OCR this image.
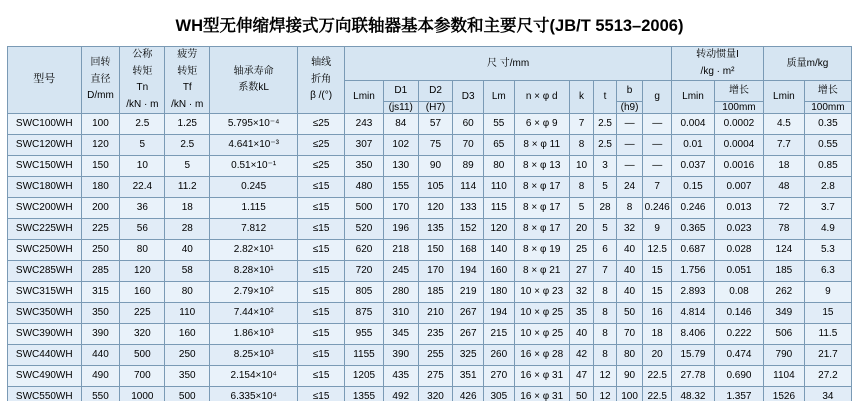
WH型无伸缩焊接式万向联轴器基本参数和主要尺寸(JB/T 5513–2006)
型号	回转
直径
D/mm	公称
转矩
Tn
/kN · m	疲劳
转矩
Tf
/kN · m	轴承寿命
系数kL	轴线
折角
β /(°)	尺 寸/mm										转动惯量I
/kg · m²		质量m/kg	
						Lmin	D1	D2	D3	Lm	n × φ d	k	t	b	g	Lmin	增长	Lmin	增长
							(js11)	(H7)						(h9)			100mm		100mm
SWC100WH	100	2.5	1.25	5.795×10⁻⁴	≤25	243	84	57	60	55	6 × φ 9	7	2.5	—	—	0.004	0.0002	4.5	0.35
SWC120WH	120	5	2.5	4.641×10⁻³	≤25	307	102	75	70	65	8 × φ 11	8	2.5	—	—	0.01	0.0004	7.7	0.55
SWC150WH	150	10	5	0.51×10⁻¹	≤25	350	130	90	89	80	8 × φ 13	10	3	—	—	0.037	0.0016	18	0.85
SWC180WH	180	22.4	11.2	0.245	≤15	480	155	105	114	110	8 × φ 17	8	5	24	7	0.15	0.007	48	2.8
SWC200WH	200	36	18	1.115	≤15	500	170	120	133	115	8 × φ 17	5	28	8	0.246	0.246	0.013	72	3.7
SWC225WH	225	56	28	7.812	≤15	520	196	135	152	120	8 × φ 17	20	5	32	9	0.365	0.023	78	4.9
SWC250WH	250	80	40	2.82×10¹	≤15	620	218	150	168	140	8 × φ 19	25	6	40	12.5	0.687	0.028	124	5.3
SWC285WH	285	120	58	8.28×10¹	≤15	720	245	170	194	160	8 × φ 21	27	7	40	15	1.756	0.051	185	6.3
SWC315WH	315	160	80	2.79×10²	≤15	805	280	185	219	180	10 × φ 23	32	8	40	15	2.893	0.08	262	9
SWC350WH	350	225	110	7.44×10²	≤15	875	310	210	267	194	10 × φ 25	35	8	50	16	4.814	0.146	349	15
SWC390WH	390	320	160	1.86×10³	≤15	955	345	235	267	215	10 × φ 25	40	8	70	18	8.406	0.222	506	11.5
SWC440WH	440	500	250	8.25×10³	≤15	1155	390	255	325	260	16 × φ 28	42	8	80	20	15.79	0.474	790	21.7
SWC490WH	490	700	350	2.154×10⁴	≤15	1205	435	275	351	270	16 × φ 31	47	12	90	22.5	27.78	0.690	1104	27.2
SWC550WH	550	1000	500	6.335×10⁴	≤15	1355	492	320	426	305	16 × φ 31	50	12	100	22.5	48.32	1.357	1526	34
